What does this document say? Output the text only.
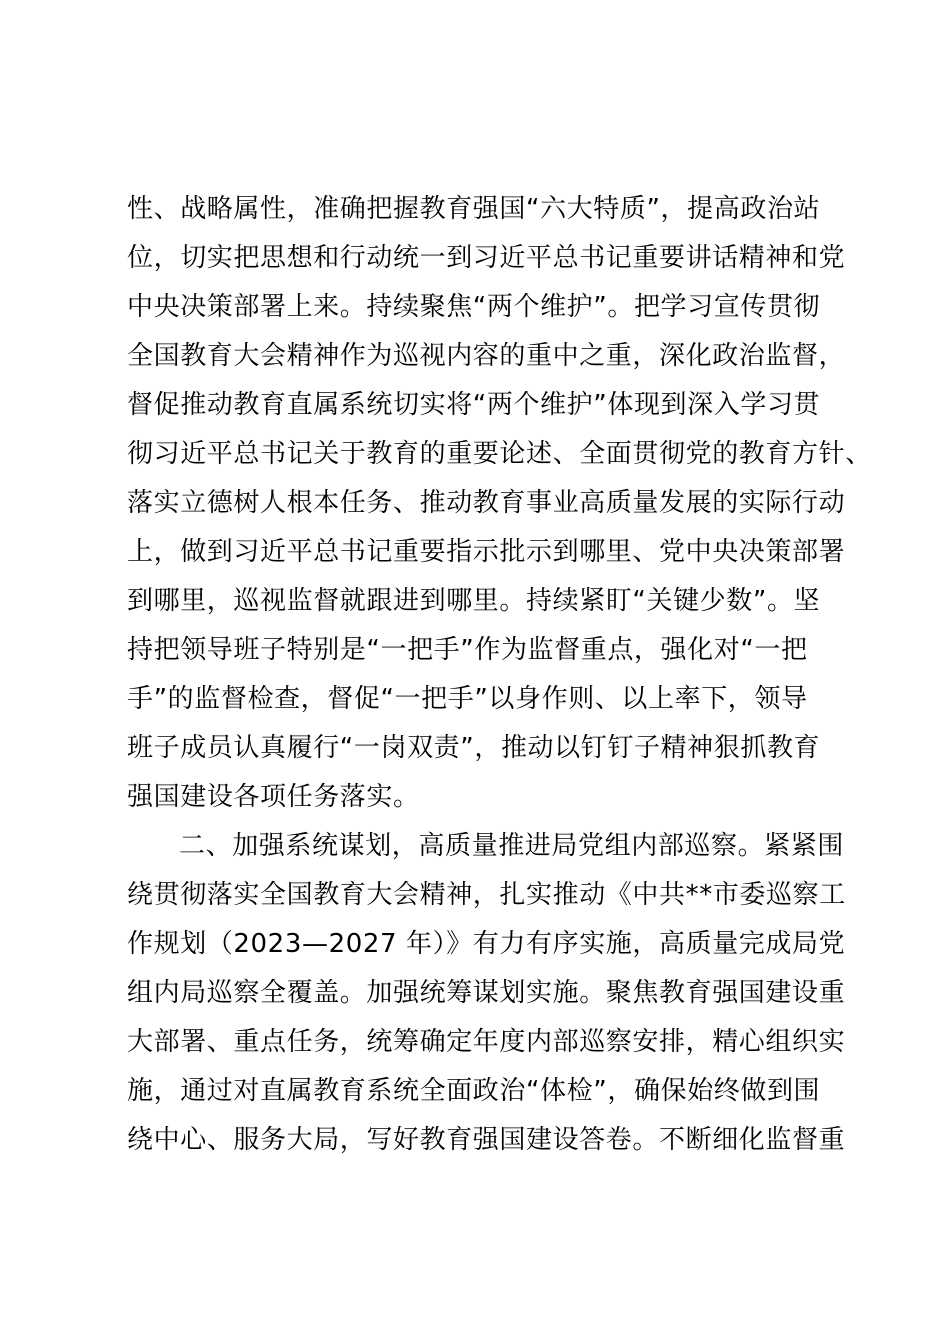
性、战略属性，准确把握教育强国“六大特质”，提高政治站
位，切实把思想和行动统一到习近平总书记重要讲话精神和党
中央决策部署上来。持续聚焦“两个维护”。把学习宣传贯彻
全国教育大会精神作为巡视内容的重中之重，深化政治监督，
督促推动教育直属系统切实将“两个维护”体现到深入学习贯
彻习近平总书记关于教育的重要论述、全面贯彻党的教育方针、
落实立德树人根本任务、推动教育事业高质量发展的实际行动
上，做到习近平总书记重要指示批示到哪里、党中央决策部署
到哪里，巡视监督就跟进到哪里。持续紧盯“关键少数”。坚
持把领导班子特别是“一把手”作为监督重点，强化对“一把
手”的监督检查，督促“一把手”以身作则、以上率下，领导
班子成员认真履行“一岗双责”，推动以钉钉子精神狠抓教育
强国建设各项任务落实。
二、加强系统谋划，高质量推进局党组内部巡察。紧紧围
绕贯彻落实全国教育大会精神，扎实推动《中共**市委巡察工
作规划（2023—2027 年）》有力有序实施，高质量完成局党
组内局巡察全覆盖。加强统筹谋划实施。聚焦教育强国建设重
大部署、重点任务，统筹确定年度内部巡察安排，精心组织实
施，通过对直属教育系统全面政治“体检”，确保始终做到围
绕中心、服务大局，写好教育强国建设答卷。不断细化监督重
